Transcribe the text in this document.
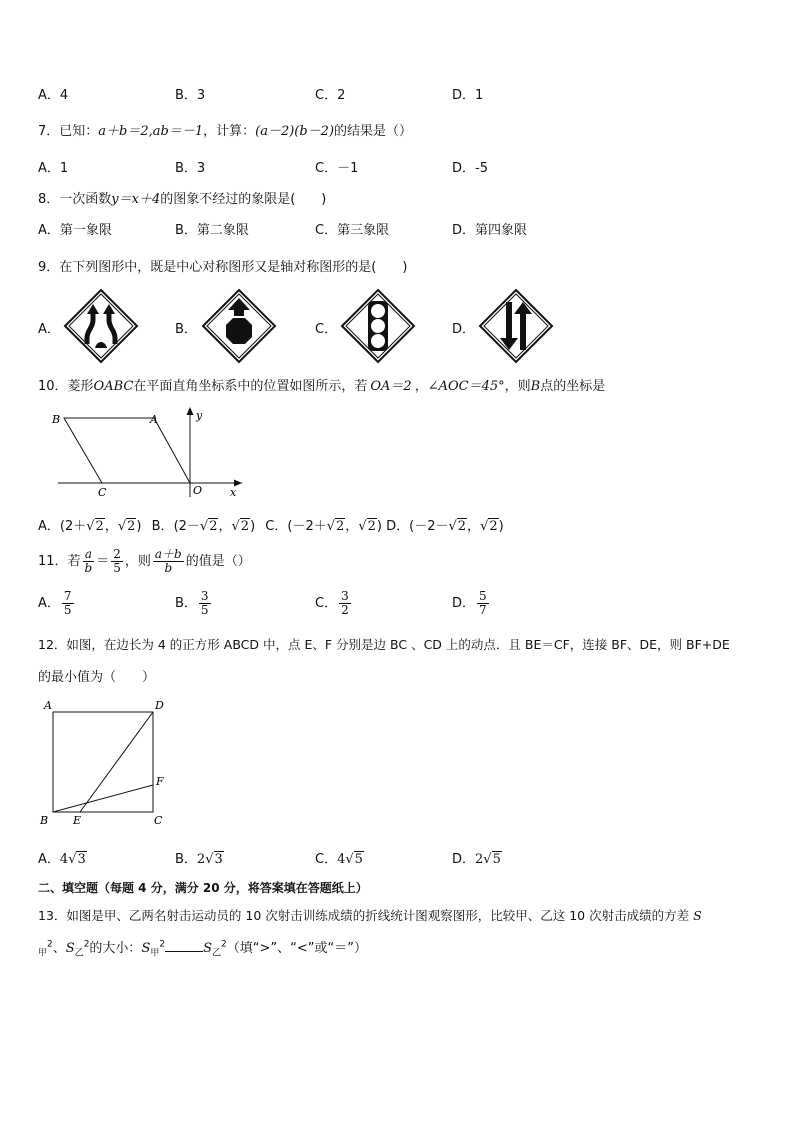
A．4	B．3	C．2	D．1
7．已知：a＋b＝2,ab＝－1，计算：(a－2)(b－2)的结果是（）
A．1	B．3	C．－1	D．-5
8．一次函数y＝x＋4的图象不经过的象限是(　　)
A．第一象限	B．第二象限	C．第三象限	D．第四象限
9．在下列图形中，既是中心对称图形又是轴对称图形的是(　　)
A．	B．	C．	D．
10．菱形OABC在平面直角坐标系中的位置如图所示，若 OA＝2 ，∠AOC＝45°，则B点的坐标是
B	A
C	O	x
y
A．(2＋√2，√2) B．(2－√2，√2) C．(－2＋√2，√2) D．(－2－√2，√2)
11．若 $\frac{a}{b} = \frac{2}{5}$ ，则 $\frac{a+b}{b}$ 的值是（）
A． $\frac{7}{5}$	B． $\frac{3}{5}$	C． $\frac{3}{2}$	D． $\frac{5}{7}$
12．如图，在边长为 4 的正方形 ABCD 中，点 E、F 分别是边 BC 、CD 上的动点．且 BE＝CF，连接 BF、DE，则 BF+DE
的最小值为（　　）
A	D
F
B E	C
A．4√3	B．2√3	C．4√5	D．2√5
二、填空题（每题 4 分，满分 20 分，将答案填在答题纸上）
13．如图是甲、乙两名射击运动员的 10 次射击训练成绩的折线统计图观察图形，比较甲、乙这 10 次射击成绩的方差 S
$_甲^2$、$S_乙^2$的大小：$S_甲^2$	$S_乙^2$（填“>”、“<”或“＝”）
